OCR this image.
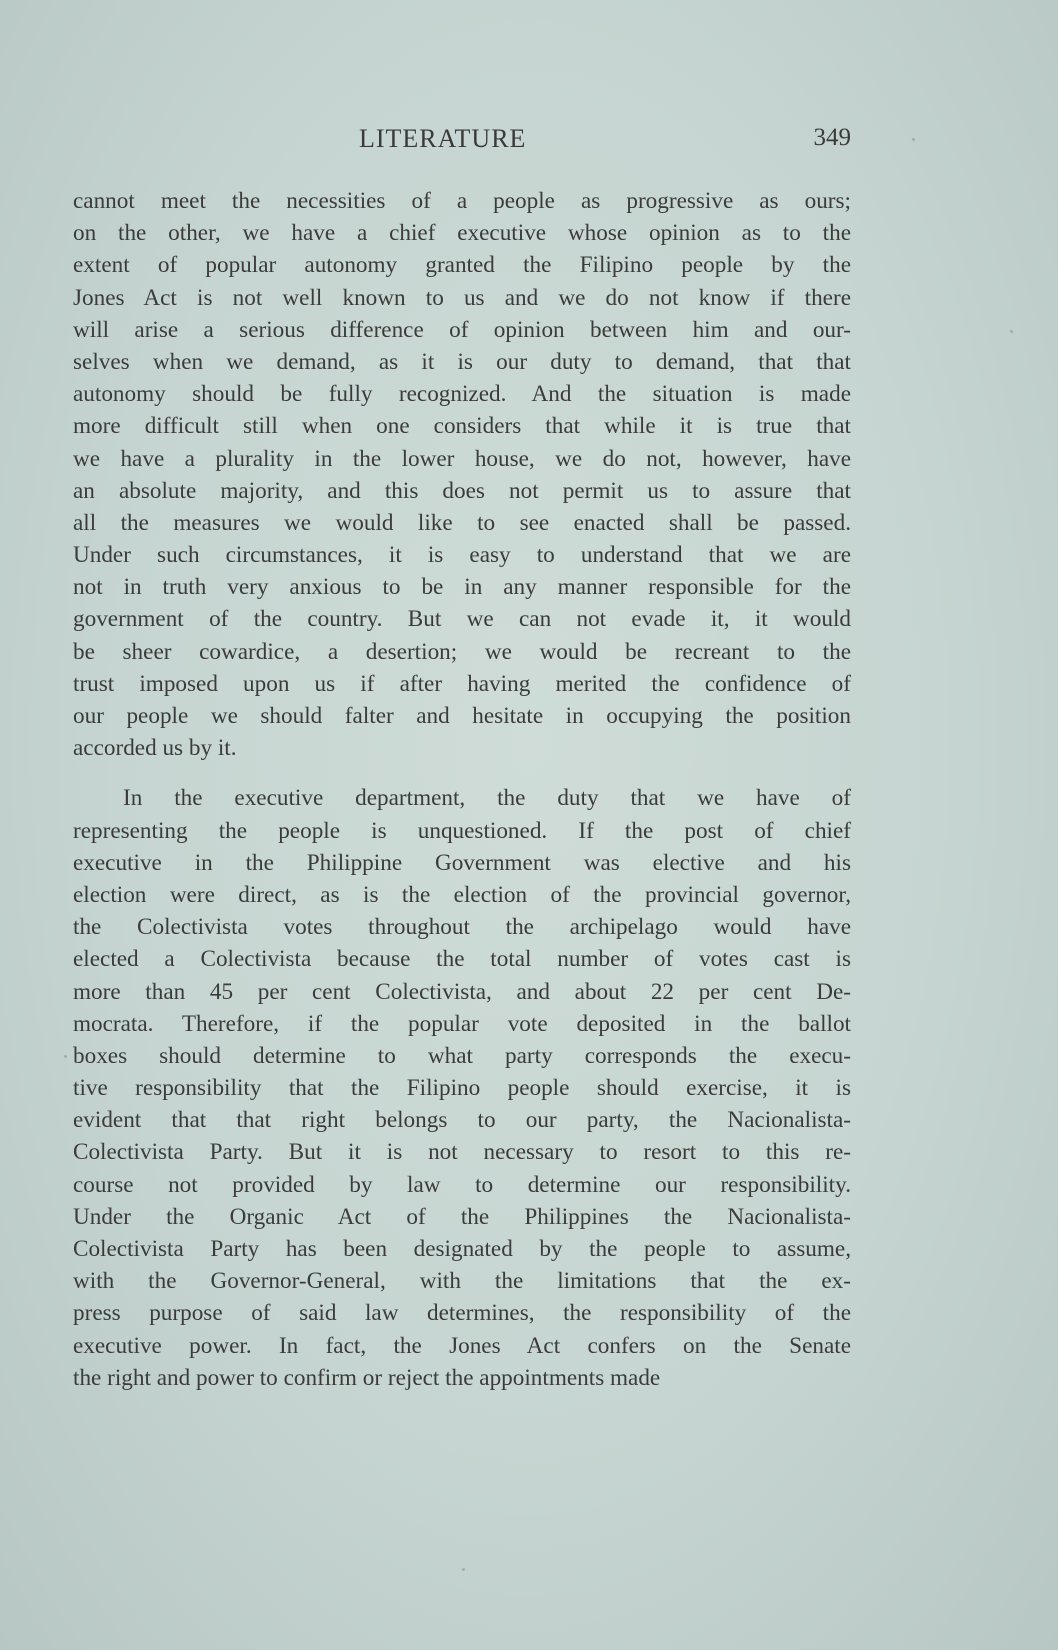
LITERATURE	349
cannot meet the necessities of a people as progressive as ours;
on the other, we have a chief executive whose opinion as to the
extent of popular autonomy granted the Filipino people by the
Jones Act is not well known to us and we do not know if there
will arise a serious difference of opinion between him and our-
selves when we demand, as it is our duty to demand, that that
autonomy should be fully recognized. And the situation is made
more difficult still when one considers that while it is true that
we have a plurality in the lower house, we do not, however, have
an absolute majority, and this does not permit us to assure that
all the measures we would like to see enacted shall be passed.
Under such circumstances, it is easy to understand that we are
not in truth very anxious to be in any manner responsible for the
government of the country. But we can not evade it, it would
be sheer cowardice, a desertion; we would be recreant to the
trust imposed upon us if after having merited the confidence of
our people we should falter and hesitate in occupying the position
accorded us by it.
In the executive department, the duty that we have of
representing the people is unquestioned. If the post of chief
executive in the Philippine Government was elective and his
election were direct, as is the election of the provincial governor,
the Colectivista votes throughout the archipelago would have
elected a Colectivista because the total number of votes cast is
more than 45 per cent Colectivista, and about 22 per cent De-
mocrata. Therefore, if the popular vote deposited in the ballot
boxes should determine to what party corresponds the execu-
tive responsibility that the Filipino people should exercise, it is
evident that that right belongs to our party, the Nacionalista-
Colectivista Party. But it is not necessary to resort to this re-
course not provided by law to determine our responsibility.
Under the Organic Act of the Philippines the Nacionalista-
Colectivista Party has been designated by the people to assume,
with the Governor-General, with the limitations that the ex-
press purpose of said law determines, the responsibility of the
executive power. In fact, the Jones Act confers on the Senate
the right and power to confirm or reject the appointments made
